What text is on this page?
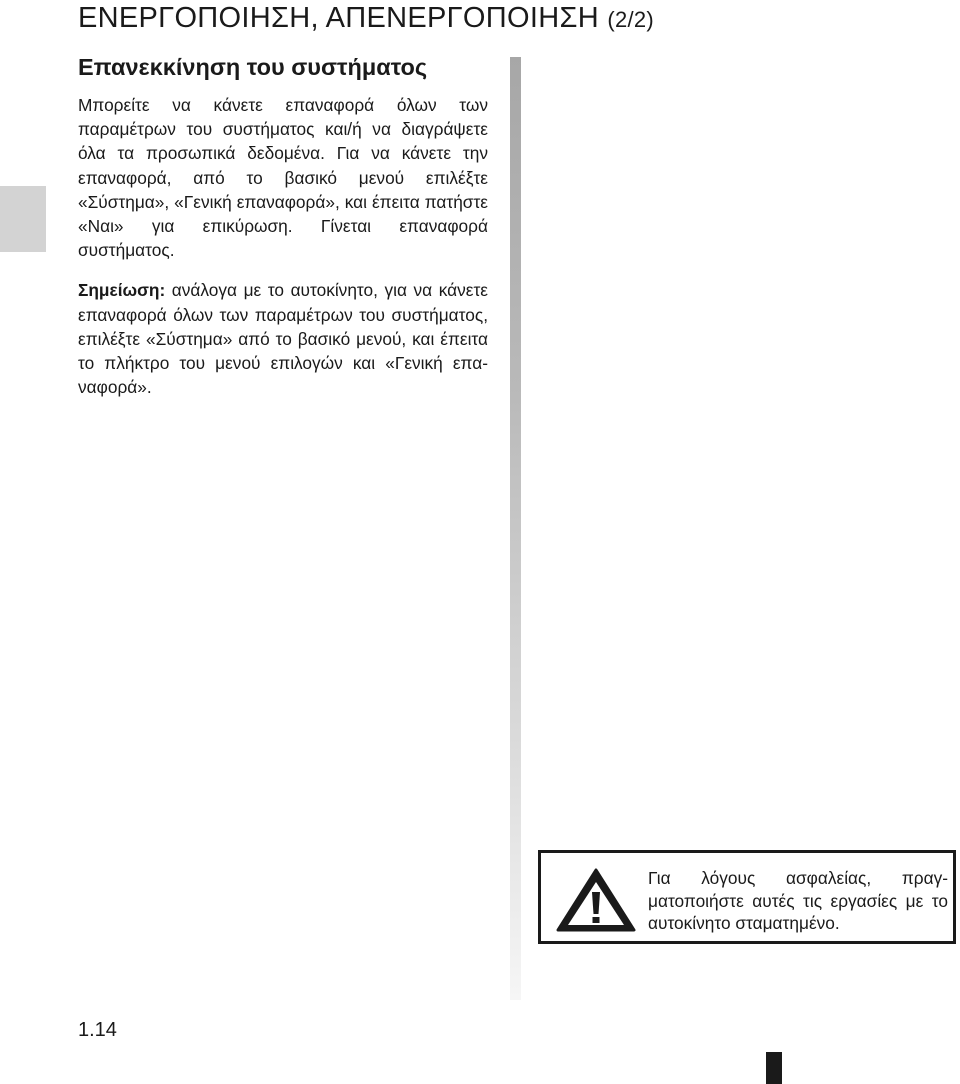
ΕΝΕΡΓΟΠΟΙΗΣΗ, ΑΠΕΝΕΡΓΟΠΟΙΗΣΗ (2/2)
Επανεκκίνηση του συστήματος

Μπορείτε να κάνετε επαναφορά όλων των παραμέτρων του συστήματος και/ή να διαγράψετε όλα τα προσωπικά δεδομένα. Για να κάνετε την επαναφορά, από το βασικό μενού επιλέξτε «Σύστημα», «Γενική επαναφορά», και έπειτα πατήστε «Ναι» για επικύρωση. Γίνεται επαναφορά συστήματος.

Σημείωση: ανάλογα με το αυτοκίνητο, για να κάνετε επαναφορά όλων των παραμέτρων του συστήματος, επιλέξτε «Σύστημα» από το βασικό μενού, και έπειτα το πλήκτρο του μενού επιλογών και «Γενική επαναφορά».

Για λόγους ασφαλείας, πραγματοποιήστε αυτές τις εργασίες με το αυτοκίνητο σταματημένο.

1.14
